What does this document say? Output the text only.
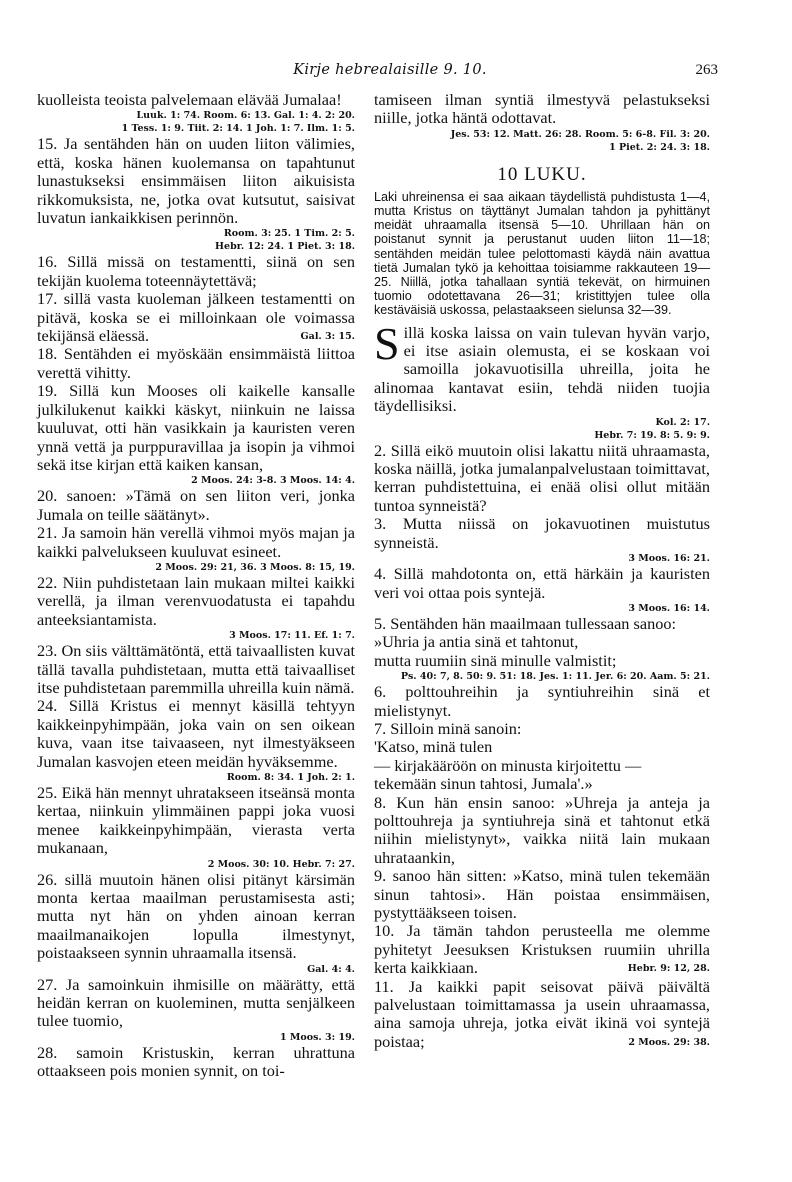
Kirje hebrealaisille 9. 10.	263

kuolleista teoista palvelemaan elävää Jumalaa!
Luuk. 1: 74. Room. 6: 13. Gal. 1: 4. 2: 20.
1 Tess. 1: 9. Tiit. 2: 14. 1 Joh. 1: 7. Ilm. 1: 5.

15. Ja sentähden hän on uuden liiton välimies, että, koska hänen kuolemansa on tapahtunut lunastukseksi ensimmäisen liiton aikuisista rikkomuksista, ne, jotka ovat kutsutut, saisivat luvatun iankaikkisen perinnön.
Room. 3: 25. 1 Tim. 2: 5.
Hebr. 12: 24. 1 Piet. 3: 18.

16. Sillä missä on testamentti, siinä on sen tekijän kuolema toteennäytettävä;

17. sillä vasta kuoleman jälkeen testamentti on pitävä, koska se ei milloinkaan ole voimassa tekijänsä eläessä.	Gal. 3: 15.

18. Sentähden ei myöskään ensimmäistä liittoa verettä vihitty.

19. Sillä kun Mooses oli kaikelle kansalle julkilukenut kaikki käskyt, niinkuin ne laissa kuuluvat, otti hän vasikkain ja kauristen veren ynnä vettä ja purppuravillaa ja isopin ja vihmoi sekä itse kirjan että kaiken kansan,
2 Moos. 24: 3-8. 3 Moos. 14: 4.

20. sanoen: »Tämä on sen liiton veri, jonka Jumala on teille säätänyt».

21. Ja samoin hän verellä vihmoi myös majan ja kaikki palvelukseen kuuluvat esineet.
2 Moos. 29: 21, 36. 3 Moos. 8: 15, 19.

22. Niin puhdistetaan lain mukaan miltei kaikki verellä, ja ilman verenvuodatusta ei tapahdu anteeksiantamista.
3 Moos. 17: 11. Ef. 1: 7.

23. On siis välttämätöntä, että taivaallisten kuvat tällä tavalla puhdistetaan, mutta että taivaalliset itse puhdistetaan paremmilla uhreilla kuin nämä.

24. Sillä Kristus ei mennyt käsillä tehtyyn kaikkeinpyhimpään, joka vain on sen oikean kuva, vaan itse taivaaseen, nyt ilmestyäkseen Jumalan kasvojen eteen meidän hyväksemme.
Room. 8: 34. 1 Joh. 2: 1.

25. Eikä hän mennyt uhratakseen itseänsä monta kertaa, niinkuin ylimmäinen pappi joka vuosi menee kaikkeinpyhimpään, vierasta verta mukanaan,
2 Moos. 30: 10. Hebr. 7: 27.

26. sillä muutoin hänen olisi pitänyt kärsimän monta kertaa maailman perustamisesta asti; mutta nyt hän on yhden ainoan kerran maailmanaikojen lopulla ilmestynyt, poistaakseen synnin uhraamalla itsensä.
Gal. 4: 4.

27. Ja samoinkuin ihmisille on määrätty, että heidän kerran on kuoleminen, mutta senjälkeen tulee tuomio,
1 Moos. 3: 19.

28. samoin Kristuskin, kerran uhrattuna ottaakseen pois monien synnit, on toi-

tamiseen ilman syntiä ilmestyvä pelastukseksi niille, jotka häntä odottavat.
Jes. 53: 12. Matt. 26: 28. Room. 5: 6-8. Fil. 3: 20.
1 Piet. 2: 24. 3: 18.

10 LUKU.
Laki uhreinensa ei saa aikaan täydellistä puhdistusta 1—4, mutta Kristus on täyttänyt Jumalan tahdon ja pyhittänyt meidät uhraamalla itsensä 5—10. Uhrillaan hän on poistanut synnit ja perustanut uuden liiton 11—18; sentähden meidän tulee pelottomasti käydä näin avattua tietä Jumalan tykö ja kehoittaa toisiamme rakkauteen 19—25. Niillä, jotka tahallaan syntiä tekevät, on hirmuinen tuomio odotettavana 26—31; kristittyjen tulee olla kestäväisiä uskossa, pelastaakseen sielunsa 32—39.

Sillä koska laissa on vain tulevan hyvän varjo, ei itse asiain olemusta, ei se koskaan voi samoilla jokavuotisilla uhreilla, joita he alinomaa kantavat esiin, tehdä niiden tuojia täydellisiksi.
Kol. 2: 17.
Hebr. 7: 19. 8: 5. 9: 9.

2. Sillä eikö muutoin olisi lakattu niitä uhraamasta, koska näillä, jotka jumalanpalvelustaan toimittavat, kerran puhdistettuina, ei enää olisi ollut mitään tuntoa synneistä?

3. Mutta niissä on jokavuotinen muistutus synneistä.
3 Moos. 16: 21.

4. Sillä mahdotonta on, että härkäin ja kauristen veri voi ottaa pois syntejä.
3 Moos. 16: 14.

5. Sentähden hän maailmaan tullessaan sanoo:

»Uhria ja antia sinä et tahtonut,
mutta ruumiin sinä minulle valmistit;
Ps. 40: 7, 8. 50: 9. 51: 18. Jes. 1: 11. Jer. 6: 20. Aam. 5: 21.

6. polttouhreihin ja syntiuhreihin sinä et mielistynyt.

7. Silloin minä sanoin:

'Katso, minä tulen
— kirjakääröön on minusta kirjoitettu —
tekemään sinun tahtosi, Jumala'.»

8. Kun hän ensin sanoo: »Uhreja ja anteja ja polttouhreja ja syntiuhreja sinä et tahtonut etkä niihin mielistynyt», vaikka niitä lain mukaan uhrataankin,

9. sanoo hän sitten: »Katso, minä tulen tekemään sinun tahtosi». Hän poistaa ensimmäisen, pystyttääkseen toisen.

10. Ja tämän tahdon perusteella me olemme pyhitetyt Jeesuksen Kristuksen ruumiin uhrilla kerta kaikkiaan.	Hebr. 9: 12, 28.

11. Ja kaikki papit seisovat päivä päivältä palvelustaan toimittamassa ja usein uhraamassa, aina samoja uhreja, jotka eivät ikinä voi syntejä poistaa;	2 Moos. 29: 38.
